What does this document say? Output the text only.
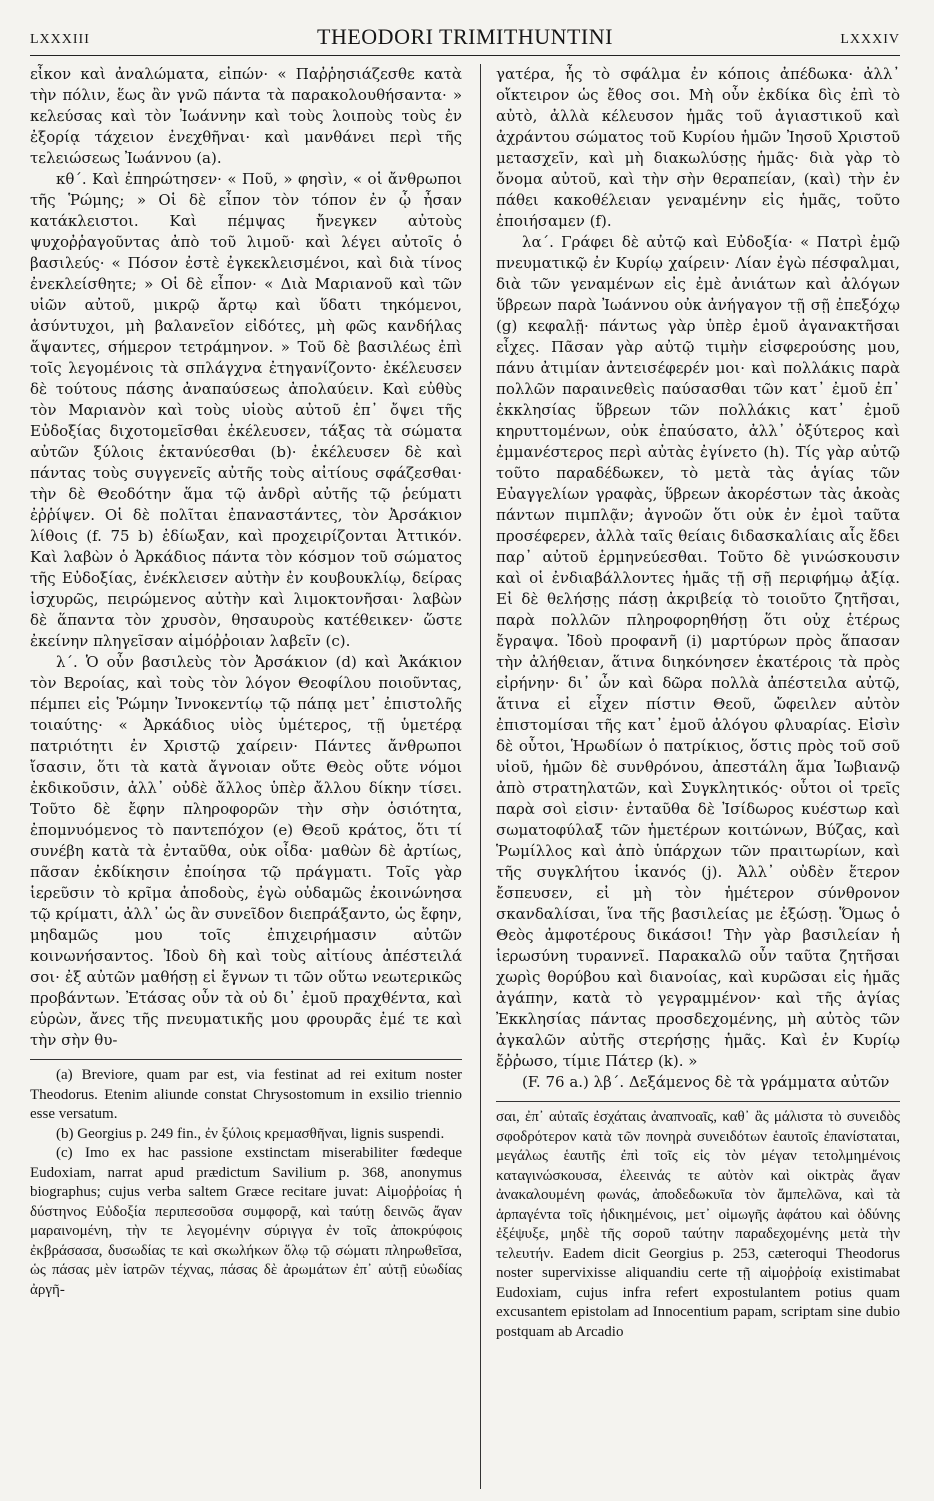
LXXXIII	THEODORI TRIMITHUNTINI	LXXXIV

εἶκον καὶ ἀναλώματα, εἰπών· « Παῤῥησιάζεσθε κατὰ τὴν πόλιν, ἕως ἂν γνῶ πάντα τὰ παρακολουθήσαντα· » κελεύσας καὶ τὸν Ἰωάννην καὶ τοὺς λοιποὺς τοὺς ἐν ἐξορίᾳ τάχειον ἐνεχθῆναι· καὶ μανθάνει περὶ τῆς τελειώσεως Ἰωάννου (a).

κθ΄. Καὶ ἐπηρώτησεν· « Ποῦ, » φησὶν, « οἱ ἄνθρωποι τῆς Ῥώμης; » Οἱ δὲ εἶπον τὸν τόπον ἐν ᾧ ἦσαν κατάκλειστοι. Καὶ πέμψας ἤνεγκεν αὐτοὺς ψυχοῤῥαγοῦντας ἀπὸ τοῦ λιμοῦ· καὶ λέγει αὐτοῖς ὁ βασιλεύς· « Πόσον ἐστὲ ἐγκεκλεισμένοι, καὶ διὰ τίνος ἐνεκλείσθητε; » Οἱ δὲ εἶπον· « Διὰ Μαριανοῦ καὶ τῶν υἱῶν αὐτοῦ, μικρῷ ἄρτῳ καὶ ὕδατι τηκόμενοι, ἀσύντυχοι, μὴ βαλανεῖον εἰδότες, μὴ φῶς κανδήλας ἅψαντες, σήμερον τετράμηνον. » Τοῦ δὲ βασιλέως ἐπὶ τοῖς λεγομένοις τὰ σπλάγχνα ἐτηγανίζοντο· ἐκέλευσεν δὲ τούτους πάσης ἀναπαύσεως ἀπολαύειν. Καὶ εὐθὺς τὸν Μαριανὸν καὶ τοὺς υἱοὺς αὐτοῦ ἐπ᾽ ὄψει τῆς Εὐδοξίας διχοτομεῖσθαι ἐκέλευσεν, τάξας τὰ σώματα αὐτῶν ξύλοις ἐκτανύεσθαι (b)· ἐκέλευσεν δὲ καὶ πάντας τοὺς συγγενεῖς αὐτῆς τοὺς αἰτίους σφάζεσθαι· τὴν δὲ Θεοδότην ἅμα τῷ ἀνδρὶ αὐτῆς τῷ ῥεύματι ἐῤῥίψεν. Οἱ δὲ πολῖται ἐπαναστάντες, τὸν Ἀρσάκιον λίθοις (f. 75 b) ἐδίωξαν, καὶ προχειρίζονται Ἀττικόν. Καὶ λαβὼν ὁ Ἀρκάδιος πάντα τὸν κόσμον τοῦ σώματος τῆς Εὐδοξίας, ἐνέκλεισεν αὐτὴν ἐν κουβουκλίῳ, δείρας ἰσχυρῶς, πειρώμενος αὐτὴν καὶ λιμοκτονῆσαι· λαβὼν δὲ ἅπαντα τὸν χρυσὸν, θησαυροὺς κατέθεικεν· ὥστε ἐκείνην πληγεῖσαν αἱμόῤῥοιαν λαβεῖν (c).

λ΄. Ὁ οὖν βασιλεὺς τὸν Ἀρσάκιον (d) καὶ Ἀκάκιον τὸν Βεροίας, καὶ τοὺς τὸν λόγον Θεοφίλου ποιοῦντας, πέμπει εἰς Ῥώμην Ἰννοκεντίῳ τῷ πάπᾳ μετ᾽ ἐπιστολῆς τοιαύτης· « Ἀρκάδιος υἱὸς ὑμέτερος, τῇ ὑμετέρᾳ πατριότητι ἐν Χριστῷ χαίρειν· Πάντες ἄνθρωποι ἴσασιν, ὅτι τὰ κατὰ ἄγνοιαν οὔτε Θεὸς οὔτε νόμοι ἐκδικοῦσιν, ἀλλ᾽ οὐδὲ ἄλλος ὑπὲρ ἄλλου δίκην τίσει. Τοῦτο δὲ ἔφην πληροφορῶν τὴν σὴν ὁσιότητα, ἐπομνυόμενος τὸ παντεπόχον (e) Θεοῦ κράτος, ὅτι τί συνέβη κατὰ τὰ ἐνταῦθα, οὐκ οἶδα· μαθὼν δὲ ἀρτίως, πᾶσαν ἐκδίκησιν ἐποίησα τῷ πράγματι. Τοῖς γὰρ ἱερεῦσιν τὸ κρῖμα ἀποδοὺς, ἐγὼ οὐδαμῶς ἐκοινώνησα τῷ κρίματι, ἀλλ᾽ ὡς ἂν συνεῖδον διεπράξαντο, ὡς ἔφην, μηδαμῶς μου τοῖς ἐπιχειρήμασιν αὐτῶν κοινωνήσαντος. Ἰδοὺ δὴ καὶ τοὺς αἰτίους ἀπέστειλά σοι· ἐξ αὐτῶν μαθήσῃ εἰ ἔγνων τι τῶν οὕτω νεωτερικῶς προβάντων. Ἐτάσας οὖν τὰ οὐ δι᾽ ἐμοῦ πραχθέντα, καὶ εὑρὼν, ἄνες τῆς πνευματικῆς μου φρουρᾶς ἐμέ τε καὶ τὴν σὴν θυ-

(a) Breviore, quam par est, via festinat ad rei exitum noster Theodorus. Etenim aliunde constat Chrysostomum in exsilio triennio esse versatum.

(b) Georgius p. 249 fin., ἐν ξύλοις κρεμασθῆναι, lignis suspendi.

(c) Imo ex hac passione exstinctam miserabiliter fœdeque Eudoxiam, narrat apud prædictum Savilium p. 368, anonymus biographus; cujus verba saltem Græce recitare juvat: Αἱμοῤῥοίας ἡ δύστηνος Εὐδοξία περιπεσοῦσα συμφορᾷ, καὶ ταύτῃ δεινῶς ἄγαν μαραινομένη, τὴν τε λεγομένην σύριγγα ἐν τοῖς ἀποκρύφοις ἐκβράσασα, δυσωδίας τε καὶ σκωλήκων ὅλῳ τῷ σώματι πληρωθεῖσα, ὡς πάσας μὲν ἰατρῶν τέχνας, πάσας δὲ ἀρωμάτων ἐπ᾽ αὐτῇ εὐωδίας ἀργῆ-

γατέρα, ἧς τὸ σφάλμα ἐν κόποις ἀπέδωκα· ἀλλ᾽ οἴκτειρον ὡς ἔθος σοι. Μὴ οὖν ἐκδίκα δὶς ἐπὶ τὸ αὐτὸ, ἀλλὰ κέλευσον ἡμᾶς τοῦ ἁγιαστικοῦ καὶ ἀχράντου σώματος τοῦ Κυρίου ἡμῶν Ἰησοῦ Χριστοῦ μετασχεῖν, καὶ μὴ διακωλύσῃς ἡμᾶς· διὰ γὰρ τὸ ὄνομα αὐτοῦ, καὶ τὴν σὴν θεραπείαν, (καὶ) τὴν ἐν πάθει κακοθέλειαν γεναμένην εἰς ἡμᾶς, τοῦτο ἐποιήσαμεν (f).

λα΄. Γράφει δὲ αὐτῷ καὶ Εὐδοξία· « Πατρὶ ἐμῷ πνευματικῷ ἐν Κυρίῳ χαίρειν· Λίαν ἐγὼ πέσφαλμαι, διὰ τῶν γεναμένων εἰς ἐμὲ ἀνιάτων καὶ ἀλόγων ὕβρεων παρὰ Ἰωάννου οὐκ ἀνήγαγον τῇ σῇ ἐπεξόχῳ (g) κεφαλῇ· πάντως γὰρ ὑπὲρ ἐμοῦ ἀγανακτῆσαι εἶχες. Πᾶσαν γὰρ αὐτῷ τιμὴν εἰσφερούσης μου, πάνυ ἀτιμίαν ἀντεισέφερέν μοι· καὶ πολλάκις παρὰ πολλῶν παραινεθεὶς παύσασθαι τῶν κατ᾽ ἐμοῦ ἐπ᾽ ἐκκλησίας ὕβρεων τῶν πολλάκις κατ᾽ ἐμοῦ κηρυττομένων, οὐκ ἐπαύσατο, ἀλλ᾽ ὀξύτερος καὶ ἐμμανέστερος περὶ αὐτὰς ἐγίνετο (h). Τίς γὰρ αὐτῷ τοῦτο παραδέδωκεν, τὸ μετὰ τὰς ἁγίας τῶν Εὐαγγελίων γραφὰς, ὕβρεων ἀκορέστων τὰς ἀκοὰς πάντων πιμπλᾷν; ἀγνοῶν ὅτι οὐκ ἐν ἐμοὶ ταῦτα προσέφερεν, ἀλλὰ ταῖς θείαις διδασκαλίαις αἷς ἔδει παρ᾽ αὐτοῦ ἑρμηνεύεσθαι. Τοῦτο δὲ γινώσκουσιν καὶ οἱ ἐνδιαβάλλοντες ἡμᾶς τῇ σῇ περιφήμῳ ἀξίᾳ. Εἰ δὲ θελήσῃς πάσῃ ἀκριβείᾳ τὸ τοιοῦτο ζητῆσαι, παρὰ πολλῶν πληροφορηθήσῃ ὅτι οὐχ ἑτέρως ἔγραψα. Ἰδοὺ προφανῆ (i) μαρτύρων πρὸς ἅπασαν τὴν ἀλήθειαν, ἅτινα διηκόνησεν ἑκατέροις τὰ πρὸς εἰρήνην· δι᾽ ὧν καὶ δῶρα πολλὰ ἀπέστειλα αὐτῷ, ἅτινα εἰ εἶχεν πίστιν Θεοῦ, ὤφειλεν αὐτὸν ἐπιστομίσαι τῆς κατ᾽ ἐμοῦ ἀλόγου φλυαρίας. Εἰσὶν δὲ οὗτοι, Ἡρωδίων ὁ πατρίκιος, ὅστις πρὸς τοῦ σοῦ υἱοῦ, ἡμῶν δὲ συνθρόνου, ἀπεστάλη ἅμα Ἰωβιανῷ ἀπὸ στρατηλατῶν, καὶ Συγκλητικός· οὗτοι οἱ τρεῖς παρὰ σοὶ εἰσιν· ἐνταῦθα δὲ Ἰσίδωρος κυέστωρ καὶ σωματοφύλαξ τῶν ἡμετέρων κοιτώνων, Βύζας, καὶ Ῥωμίλλος καὶ ἀπὸ ὑπάρχων τῶν πραιτωρίων, καὶ τῆς συγκλήτου ἱκανός (j). Ἀλλ᾽ οὐδὲν ἕτερον ἔσπευσεν, εἰ μὴ τὸν ἡμέτερον σύνθρονον σκανδαλίσαι, ἵνα τῆς βασιλείας με ἐξώσῃ. Ὅμως ὁ Θεὸς ἀμφοτέρους δικάσοι! Τὴν γὰρ βασιλείαν ἡ ἱερωσύνη τυραννεῖ. Παρακαλῶ οὖν ταῦτα ζητῆσαι χωρὶς θορύβου καὶ διανοίας, καὶ κυρῶσαι εἰς ἡμᾶς ἀγάπην, κατὰ τὸ γεγραμμένον· καὶ τῆς ἁγίας Ἐκκλησίας πάντας προσδεχομένης, μὴ αὐτὸς τῶν ἀγκαλῶν αὐτῆς στερήσῃς ἡμᾶς. Καὶ ἐν Κυρίῳ ἔῤῥωσο, τίμιε Πάτερ (k). »

(F. 76 a.) λβ΄. Δεξάμενος δὲ τὰ γράμματα αὐτῶν

σαι, ἐπ᾽ αὐταῖς ἐσχάταις ἀναπνοαῖς, καθ᾽ ἃς μάλιστα τὸ συνειδὸς σφοδρότερον κατὰ τῶν πονηρὰ συνειδότων ἑαυτοῖς ἐπανίσταται, μεγάλως ἑαυτῆς ἐπὶ τοῖς εἰς τὸν μέγαν τετολμημένοις καταγινώσκουσα, ἐλεεινάς τε αὐτὸν καὶ οἰκτρὰς ἄγαν ἀνακαλουμένη φωνάς, ἀποδεδωκυῖα τὸν ἄμπελῶνα, καὶ τὰ ἁρπαγέντα τοῖς ἠδικημένοις, μετ᾽ οἰμωγῆς ἀφάτου καὶ ὀδύνης ἐξέψυξε, μηδὲ τῆς σοροῦ ταύτην παραδεχομένης μετὰ τὴν τελευτήν. Eadem dicit Georgius p. 253, cæteroqui Theodorus noster supervixisse aliquandiu certe τῇ αἱμοῤῥοίᾳ existimabat Eudoxiam, cujus infra refert expostulantem potius quam excusantem epistolam ad Innocentium papam, scriptam sine dubio postquam ab Arcadio
